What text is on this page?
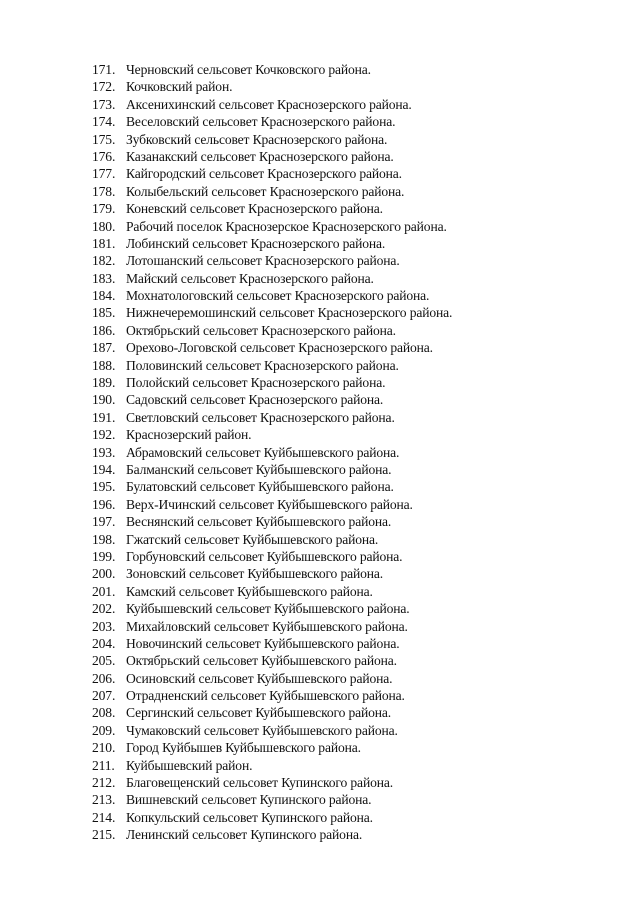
171. Черновский сельсовет Кочковского района.
172. Кочковский район.
173. Аксенихинский сельсовет Краснозерского района.
174. Веселовский сельсовет Краснозерского района.
175. Зубковский сельсовет Краснозерского района.
176. Казанакский сельсовет Краснозерского района.
177. Кайгородский сельсовет Краснозерского района.
178. Колыбельский сельсовет Краснозерского района.
179. Коневский сельсовет Краснозерского района.
180. Рабочий поселок Краснозерское Краснозерского района.
181. Лобинский сельсовет Краснозерского района.
182. Лотошанский сельсовет Краснозерского района.
183. Майский сельсовет Краснозерского района.
184. Мохнатологовский сельсовет Краснозерского района.
185. Нижнечеремошинский сельсовет Краснозерского района.
186. Октябрьский сельсовет Краснозерского района.
187. Орехово-Логовской сельсовет Краснозерского района.
188. Половинский сельсовет Краснозерского района.
189. Полойский сельсовет Краснозерского района.
190. Садовский сельсовет Краснозерского района.
191. Светловский сельсовет Краснозерского района.
192. Краснозерский район.
193. Абрамовский сельсовет Куйбышевского района.
194. Балманский сельсовет Куйбышевского района.
195. Булатовский сельсовет Куйбышевского района.
196. Верх-Ичинский сельсовет Куйбышевского района.
197. Веснянский сельсовет Куйбышевского района.
198. Гжатский сельсовет Куйбышевского района.
199. Горбуновский сельсовет Куйбышевского района.
200. Зоновский сельсовет Куйбышевского района.
201. Камский сельсовет Куйбышевского района.
202. Куйбышевский сельсовет Куйбышевского района.
203. Михайловский сельсовет Куйбышевского района.
204. Новочинский сельсовет Куйбышевского района.
205. Октябрьский сельсовет Куйбышевского района.
206. Осиновский сельсовет Куйбышевского района.
207. Отрадненский сельсовет Куйбышевского района.
208. Сергинский сельсовет Куйбышевского района.
209. Чумаковский сельсовет Куйбышевского района.
210. Город Куйбышев Куйбышевского района.
211. Куйбышевский район.
212. Благовещенский сельсовет Купинского района.
213. Вишневский сельсовет Купинского района.
214. Копкульский сельсовет Купинского района.
215. Ленинский сельсовет Купинского района.
